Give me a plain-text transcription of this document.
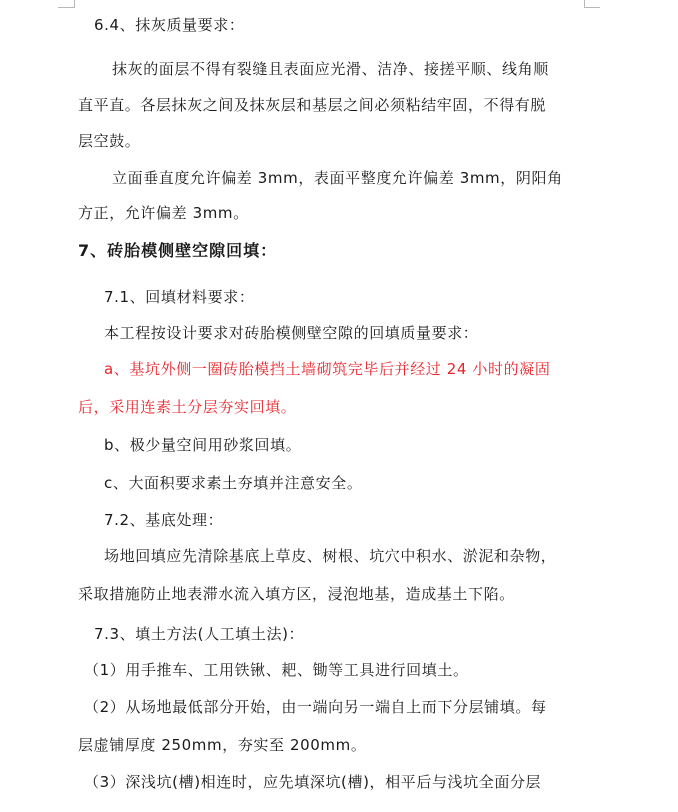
6.4、抹灰质量要求：
抹灰的面层不得有裂缝且表面应光滑、洁净、接搓平顺、线角顺
直平直。各层抹灰之间及抹灰层和基层之间必须粘结牢固，不得有脱
层空鼓。
立面垂直度允许偏差 3mm，表面平整度允许偏差 3mm，阴阳角
方正，允许偏差 3mm。
7、砖胎模侧壁空隙回填：
7.1、回填材料要求：
本工程按设计要求对砖胎模侧壁空隙的回填质量要求：
a、基坑外侧一圈砖胎模挡土墙砌筑完毕后并经过 24 小时的凝固
后，采用连素土分层夯实回填。
b、极少量空间用砂浆回填。
c、大面积要求素土夯填并注意安全。
7.2、基底处理：
场地回填应先清除基底上草皮、树根、坑穴中积水、淤泥和杂物，
采取措施防止地表滞水流入填方区，浸泡地基，造成基土下陷。
7.3、填土方法(人工填土法)：
（1）用手推车、工用铁锹、耙、锄等工具进行回填土。
（2）从场地最低部分开始，由一端向另一端自上而下分层铺填。每
层虚铺厚度 250mm，夯实至 200mm。
（3）深浅坑(槽)相连时，应先填深坑(槽)，相平后与浅坑全面分层
